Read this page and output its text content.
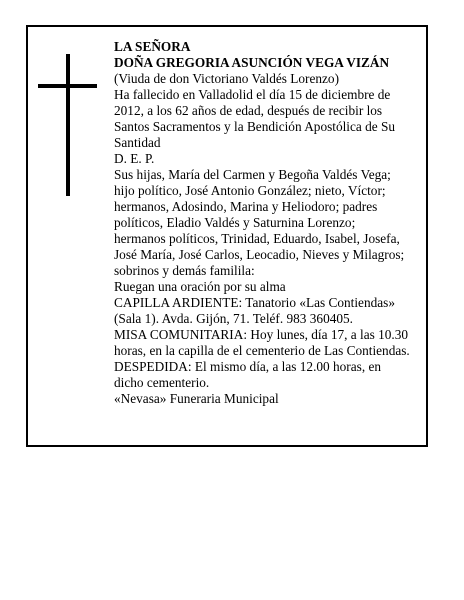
LA SEÑORA
DOÑA GREGORIA ASUNCIÓN VEGA VIZÁN
(Viuda de don Victoriano Valdés Lorenzo)
Ha fallecido en Valladolid el día 15 de diciembre de 2012, a los 62 años de edad, después de recibir los Santos Sacramentos y la Bendición Apostólica de Su Santidad
D. E. P.
Sus hijas, María del Carmen y Begoña Valdés Vega; hijo político, José Antonio González; nieto, Víctor; hermanos, Adosindo, Marina y Heliodoro; padres políticos, Eladio Valdés y Saturnina Lorenzo; hermanos políticos, Trinidad, Eduardo, Isabel, Josefa, José María, José Carlos, Leocadio, Nieves y Milagros; sobrinos y demás familila:
Ruegan una oración por su alma
CAPILLA ARDIENTE: Tanatorio «Las Contiendas» (Sala 1). Avda. Gijón, 71. Teléf. 983 360405.
MISA COMUNITARIA: Hoy lunes, día 17, a las 10.30 horas, en la capilla de el cementerio de Las Contiendas.
DESPEDIDA: El mismo día, a las 12.00 horas, en dicho cementerio.
«Nevasa» Funeraria Municipal
